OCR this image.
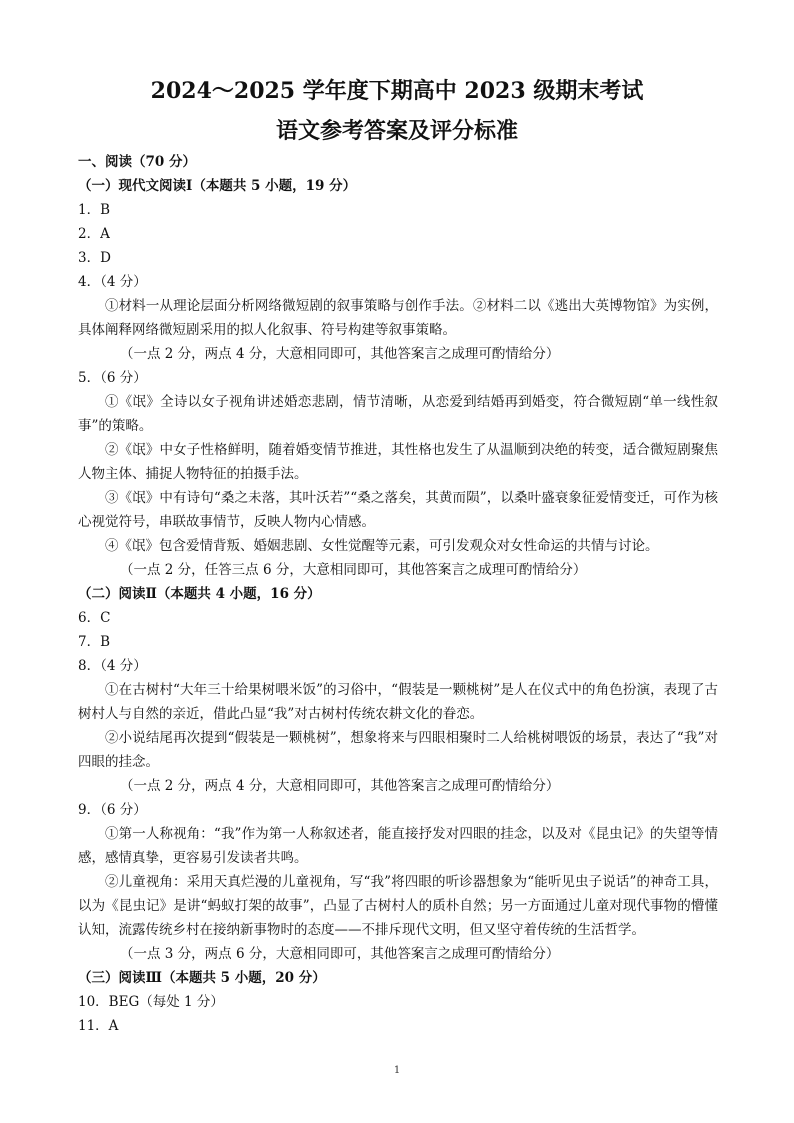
2024～2025 学年度下期高中 2023 级期末考试
语文参考答案及评分标准
一、阅读（70 分）
（一）现代文阅读Ⅰ（本题共 5 小题，19 分）
1．B
2．A
3．D
4．（4 分）
①材料一从理论层面分析网络微短剧的叙事策略与创作手法。②材料二以《逃出大英博物馆》为实例，具体阐释网络微短剧采用的拟人化叙事、符号构建等叙事策略。
（一点 2 分，两点 4 分，大意相同即可，其他答案言之成理可酌情给分）
5．（6 分）
①《氓》全诗以女子视角讲述婚恋悲剧，情节清晰，从恋爱到结婚再到婚变，符合微短剧“单一线性叙事”的策略。
②《氓》中女子性格鲜明，随着婚变情节推进，其性格也发生了从温顺到决绝的转变，适合微短剧聚焦人物主体、捕捉人物特征的拍摄手法。
③《氓》中有诗句“桑之未落，其叶沃若”“桑之落矣，其黄而陨”，以桑叶盛衰象征爱情变迁，可作为核心视觉符号，串联故事情节，反映人物内心情感。
④《氓》包含爱情背叛、婚姻悲剧、女性觉醒等元素，可引发观众对女性命运的共情与讨论。
（一点 2 分，任答三点 6 分，大意相同即可，其他答案言之成理可酌情给分）
（二）阅读Ⅱ（本题共 4 小题，16 分）
6．C
7．B
8．（4 分）
①在古树村“大年三十给果树喂米饭”的习俗中，“假装是一颗桃树”是人在仪式中的角色扮演，表现了古树村人与自然的亲近，借此凸显“我”对古树村传统农耕文化的眷恋。
②小说结尾再次提到“假装是一颗桃树”，想象将来与四眼相聚时二人给桃树喂饭的场景，表达了“我”对四眼的挂念。
（一点 2 分，两点 4 分，大意相同即可，其他答案言之成理可酌情给分）
9．（6 分）
①第一人称视角：“我”作为第一人称叙述者，能直接抒发对四眼的挂念，以及对《昆虫记》的失望等情感，感情真挚，更容易引发读者共鸣。
②儿童视角：采用天真烂漫的儿童视角，写“我”将四眼的听诊器想象为“能听见虫子说话”的神奇工具，以为《昆虫记》是讲“蚂蚁打架的故事”，凸显了古树村人的质朴自然；另一方面通过儿童对现代事物的懵懂认知，流露传统乡村在接纳新事物时的态度——不排斥现代文明，但又坚守着传统的生活哲学。
（一点 3 分，两点 6 分，大意相同即可，其他答案言之成理可酌情给分）
（三）阅读Ⅲ（本题共 5 小题，20 分）
10．BEG（每处 1 分）
11．A
1
